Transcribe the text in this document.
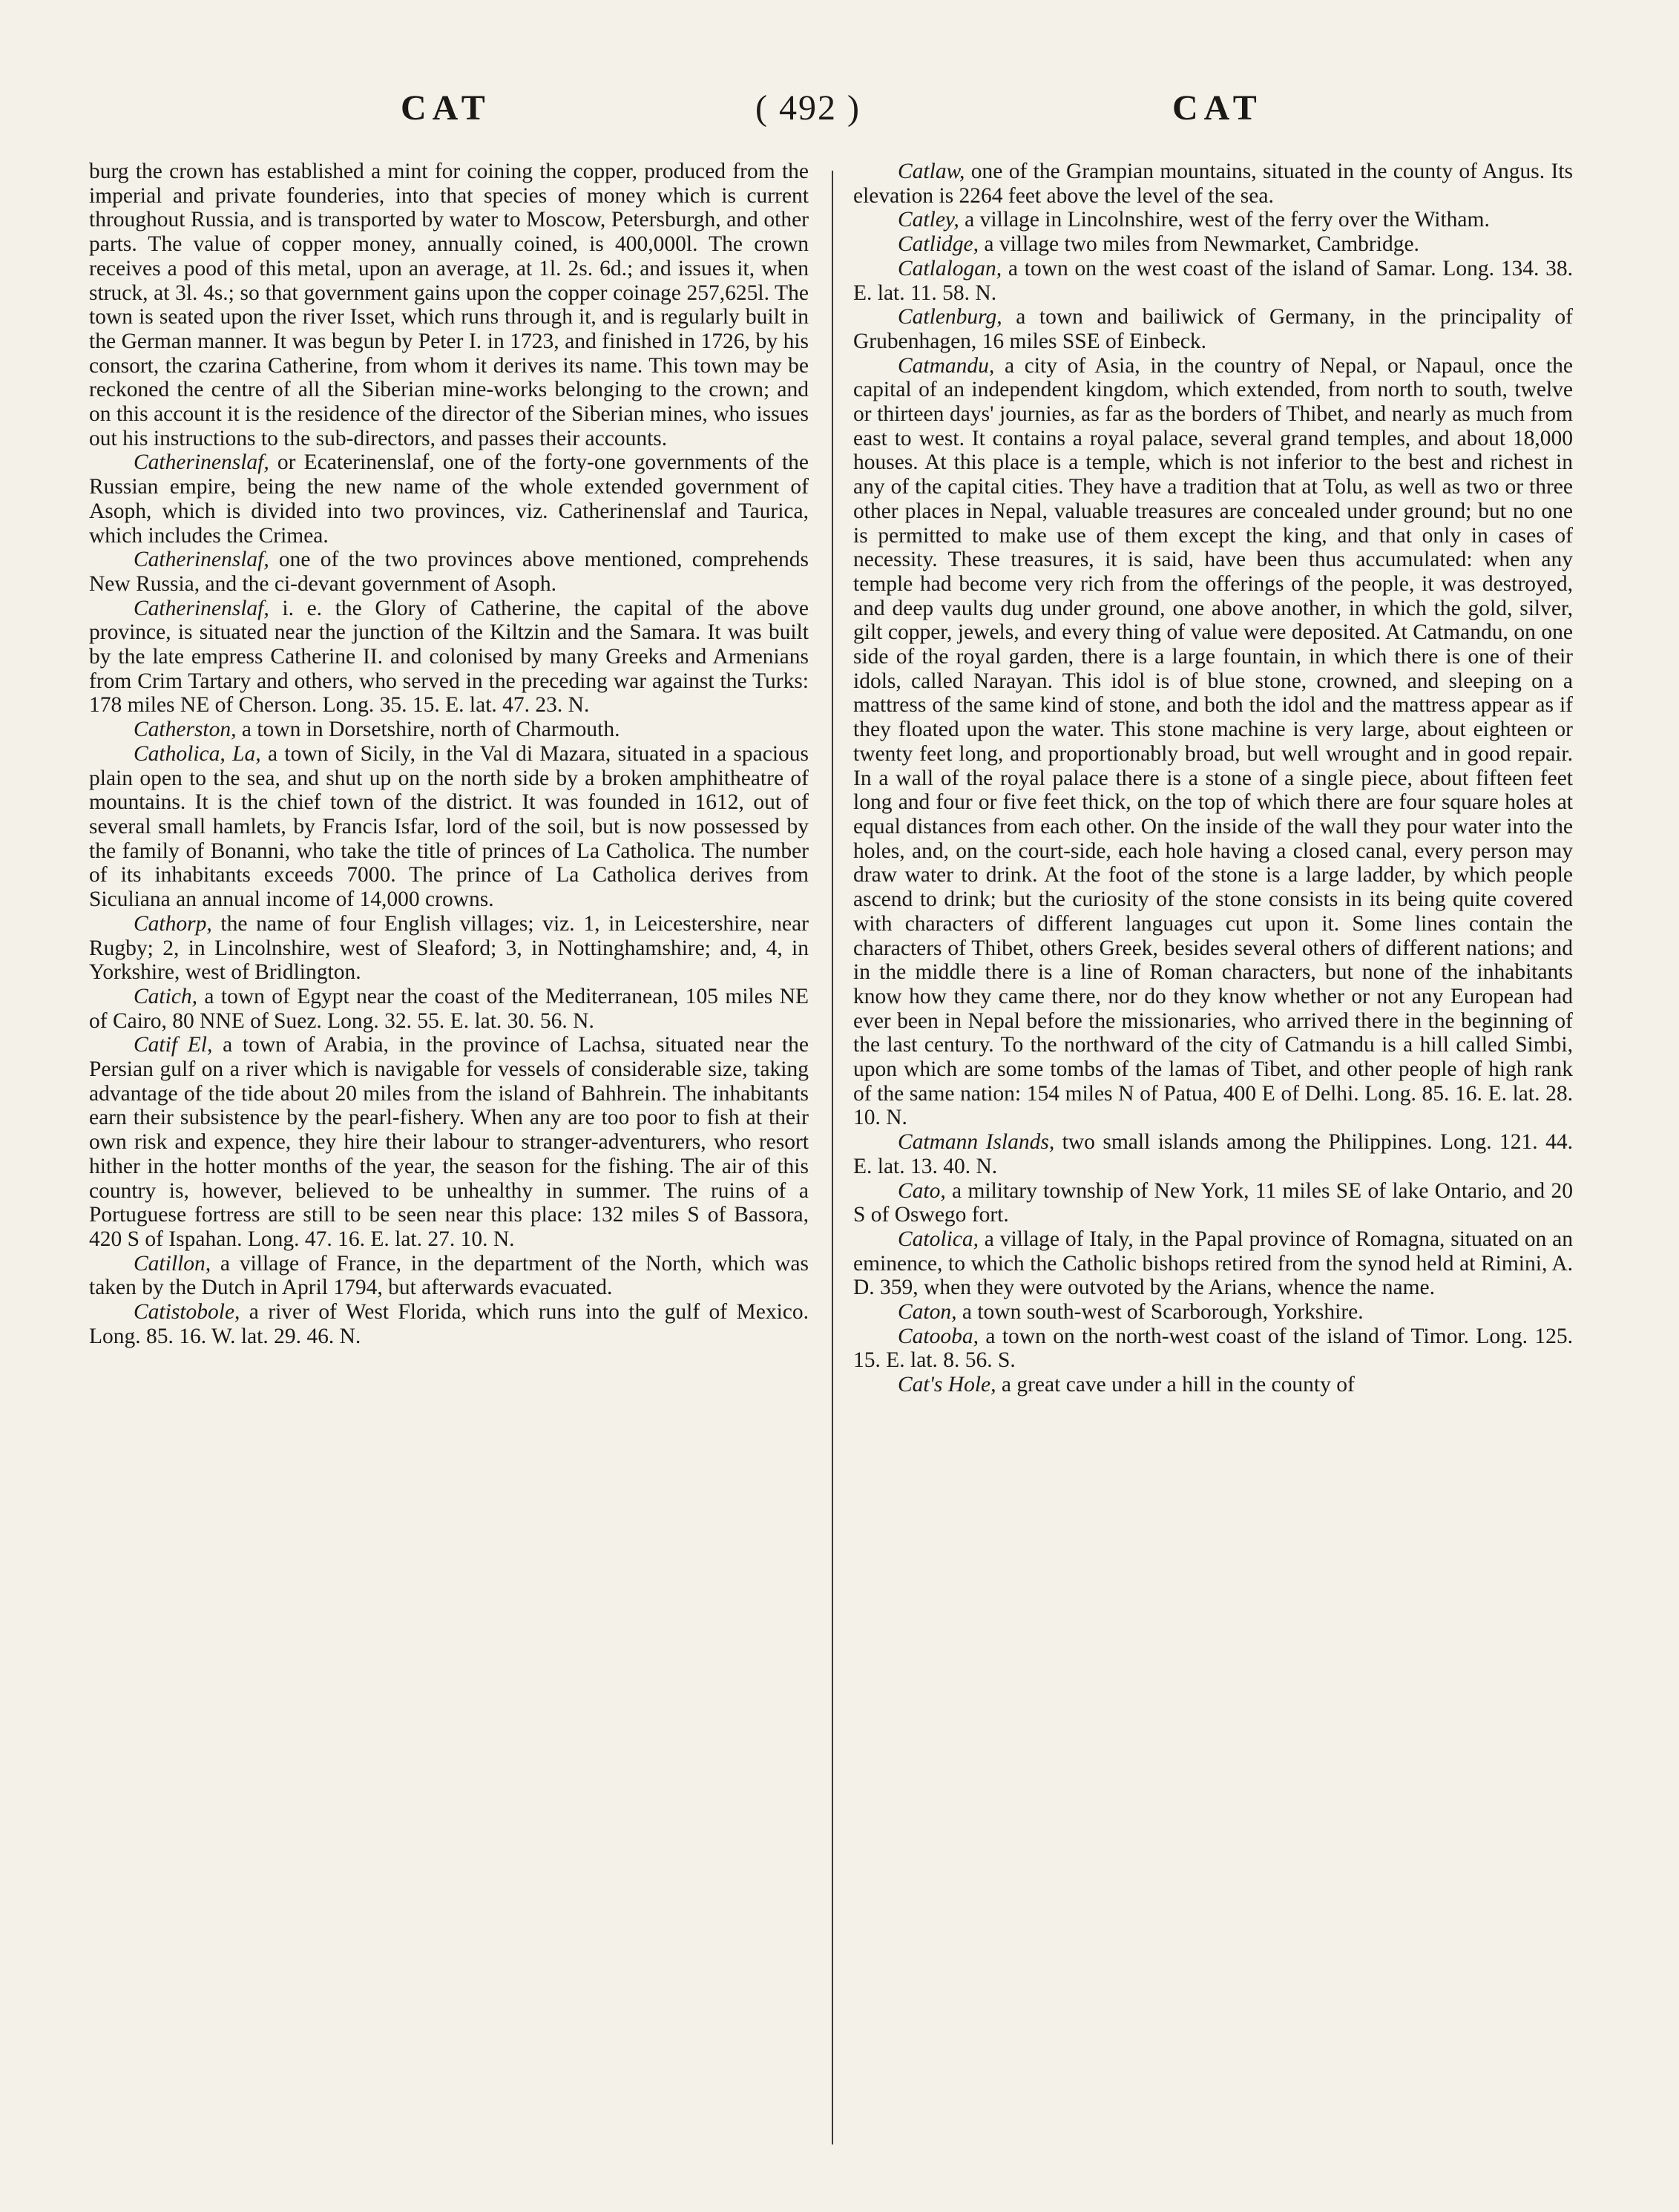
CAT	( 492 )	CAT

burg the crown has established a mint for coining the copper, produced from the imperial and private founderies, into that species of money which is current throughout Russia, and is transported by water to Moscow, Petersburgh, and other parts. The value of copper money, annually coined, is 400,000l. The crown receives a pood of this metal, upon an average, at 1l. 2s. 6d.; and issues it, when struck, at 3l. 4s.; so that government gains upon the copper coinage 257,625l. The town is seated upon the river Isset, which runs through it, and is regularly built in the German manner. It was begun by Peter I. in 1723, and finished in 1726, by his consort, the czarina Catherine, from whom it derives its name. This town may be reckoned the centre of all the Siberian mine-works belonging to the crown; and on this account it is the residence of the director of the Siberian mines, who issues out his instructions to the sub-directors, and passes their accounts.

Catherinenslaf, or Ecaterinenslaf, one of the forty-one governments of the Russian empire, being the new name of the whole extended government of Asoph, which is divided into two provinces, viz. Catherinenslaf and Taurica, which includes the Crimea.

Catherinenslaf, one of the two provinces above mentioned, comprehends New Russia, and the ci-devant government of Asoph.

Catherinenslaf, i. e. the Glory of Catherine, the capital of the above province, is situated near the junction of the Kiltzin and the Samara. It was built by the late empress Catherine II. and colonised by many Greeks and Armenians from Crim Tartary and others, who served in the preceding war against the Turks: 178 miles NE of Cherson. Long. 35. 15. E. lat. 47. 23. N.

Catherston, a town in Dorsetshire, north of Charmouth.

Catholica, La, a town of Sicily, in the Val di Mazara, situated in a spacious plain open to the sea, and shut up on the north side by a broken amphitheatre of mountains. It is the chief town of the district. It was founded in 1612, out of several small hamlets, by Francis Isfar, lord of the soil, but is now possessed by the family of Bonanni, who take the title of princes of La Catholica. The number of its inhabitants exceeds 7000. The prince of La Catholica derives from Siculiana an annual income of 14,000 crowns.

Cathorp, the name of four English villages; viz. 1, in Leicestershire, near Rugby; 2, in Lincolnshire, west of Sleaford; 3, in Nottinghamshire; and, 4, in Yorkshire, west of Bridlington.

Catich, a town of Egypt near the coast of the Mediterranean, 105 miles NE of Cairo, 80 NNE of Suez. Long. 32. 55. E. lat. 30. 56. N.

Catif El, a town of Arabia, in the province of Lachsa, situated near the Persian gulf on a river which is navigable for vessels of considerable size, taking advantage of the tide about 20 miles from the island of Bahhrein. The inhabitants earn their subsistence by the pearl-fishery. When any are too poor to fish at their own risk and expence, they hire their labour to stranger-adventurers, who resort hither in the hotter months of the year, the season for the fishing. The air of this country is, however, believed to be unhealthy in summer. The ruins of a Portuguese fortress are still to be seen near this place: 132 miles S of Bassora, 420 S of Ispahan. Long. 47. 16. E. lat. 27. 10. N.

Catillon, a village of France, in the department of the North, which was taken by the Dutch in April 1794, but afterwards evacuated.

Catistobole, a river of West Florida, which runs into the gulf of Mexico. Long. 85. 16. W. lat. 29. 46. N.

Catlaw, one of the Grampian mountains, situated in the county of Angus. Its elevation is 2264 feet above the level of the sea.

Catley, a village in Lincolnshire, west of the ferry over the Witham.

Catlidge, a village two miles from Newmarket, Cambridge.

Catlalogan, a town on the west coast of the island of Samar. Long. 134. 38. E. lat. 11. 58. N.

Catlenburg, a town and bailiwick of Germany, in the principality of Grubenhagen, 16 miles SSE of Einbeck.

Catmandu, a city of Asia, in the country of Nepal, or Napaul, once the capital of an independent kingdom, which extended, from north to south, twelve or thirteen days' journies, as far as the borders of Thibet, and nearly as much from east to west. It contains a royal palace, several grand temples, and about 18,000 houses. At this place is a temple, which is not inferior to the best and richest in any of the capital cities. They have a tradition that at Tolu, as well as two or three other places in Nepal, valuable treasures are concealed under ground; but no one is permitted to make use of them except the king, and that only in cases of necessity. These treasures, it is said, have been thus accumulated: when any temple had become very rich from the offerings of the people, it was destroyed, and deep vaults dug under ground, one above another, in which the gold, silver, gilt copper, jewels, and every thing of value were deposited. At Catmandu, on one side of the royal garden, there is a large fountain, in which there is one of their idols, called Narayan. This idol is of blue stone, crowned, and sleeping on a mattress of the same kind of stone, and both the idol and the mattress appear as if they floated upon the water. This stone machine is very large, about eighteen or twenty feet long, and proportionably broad, but well wrought and in good repair. In a wall of the royal palace there is a stone of a single piece, about fifteen feet long and four or five feet thick, on the top of which there are four square holes at equal distances from each other. On the inside of the wall they pour water into the holes, and, on the court-side, each hole having a closed canal, every person may draw water to drink. At the foot of the stone is a large ladder, by which people ascend to drink; but the curiosity of the stone consists in its being quite covered with characters of different languages cut upon it. Some lines contain the characters of Thibet, others Greek, besides several others of different nations; and in the middle there is a line of Roman characters, but none of the inhabitants know how they came there, nor do they know whether or not any European had ever been in Nepal before the missionaries, who arrived there in the beginning of the last century. To the northward of the city of Catmandu is a hill called Simbi, upon which are some tombs of the lamas of Tibet, and other people of high rank of the same nation: 154 miles N of Patua, 400 E of Delhi. Long. 85. 16. E. lat. 28. 10. N.

Catmann Islands, two small islands among the Philippines. Long. 121. 44. E. lat. 13. 40. N.

Cato, a military township of New York, 11 miles SE of lake Ontario, and 20 S of Oswego fort.

Catolica, a village of Italy, in the Papal province of Romagna, situated on an eminence, to which the Catholic bishops retired from the synod held at Rimini, A. D. 359, when they were outvoted by the Arians, whence the name.

Caton, a town south-west of Scarborough, Yorkshire.

Catooba, a town on the north-west coast of the island of Timor. Long. 125. 15. E. lat. 8. 56. S.

Cat's Hole, a great cave under a hill in the county of
